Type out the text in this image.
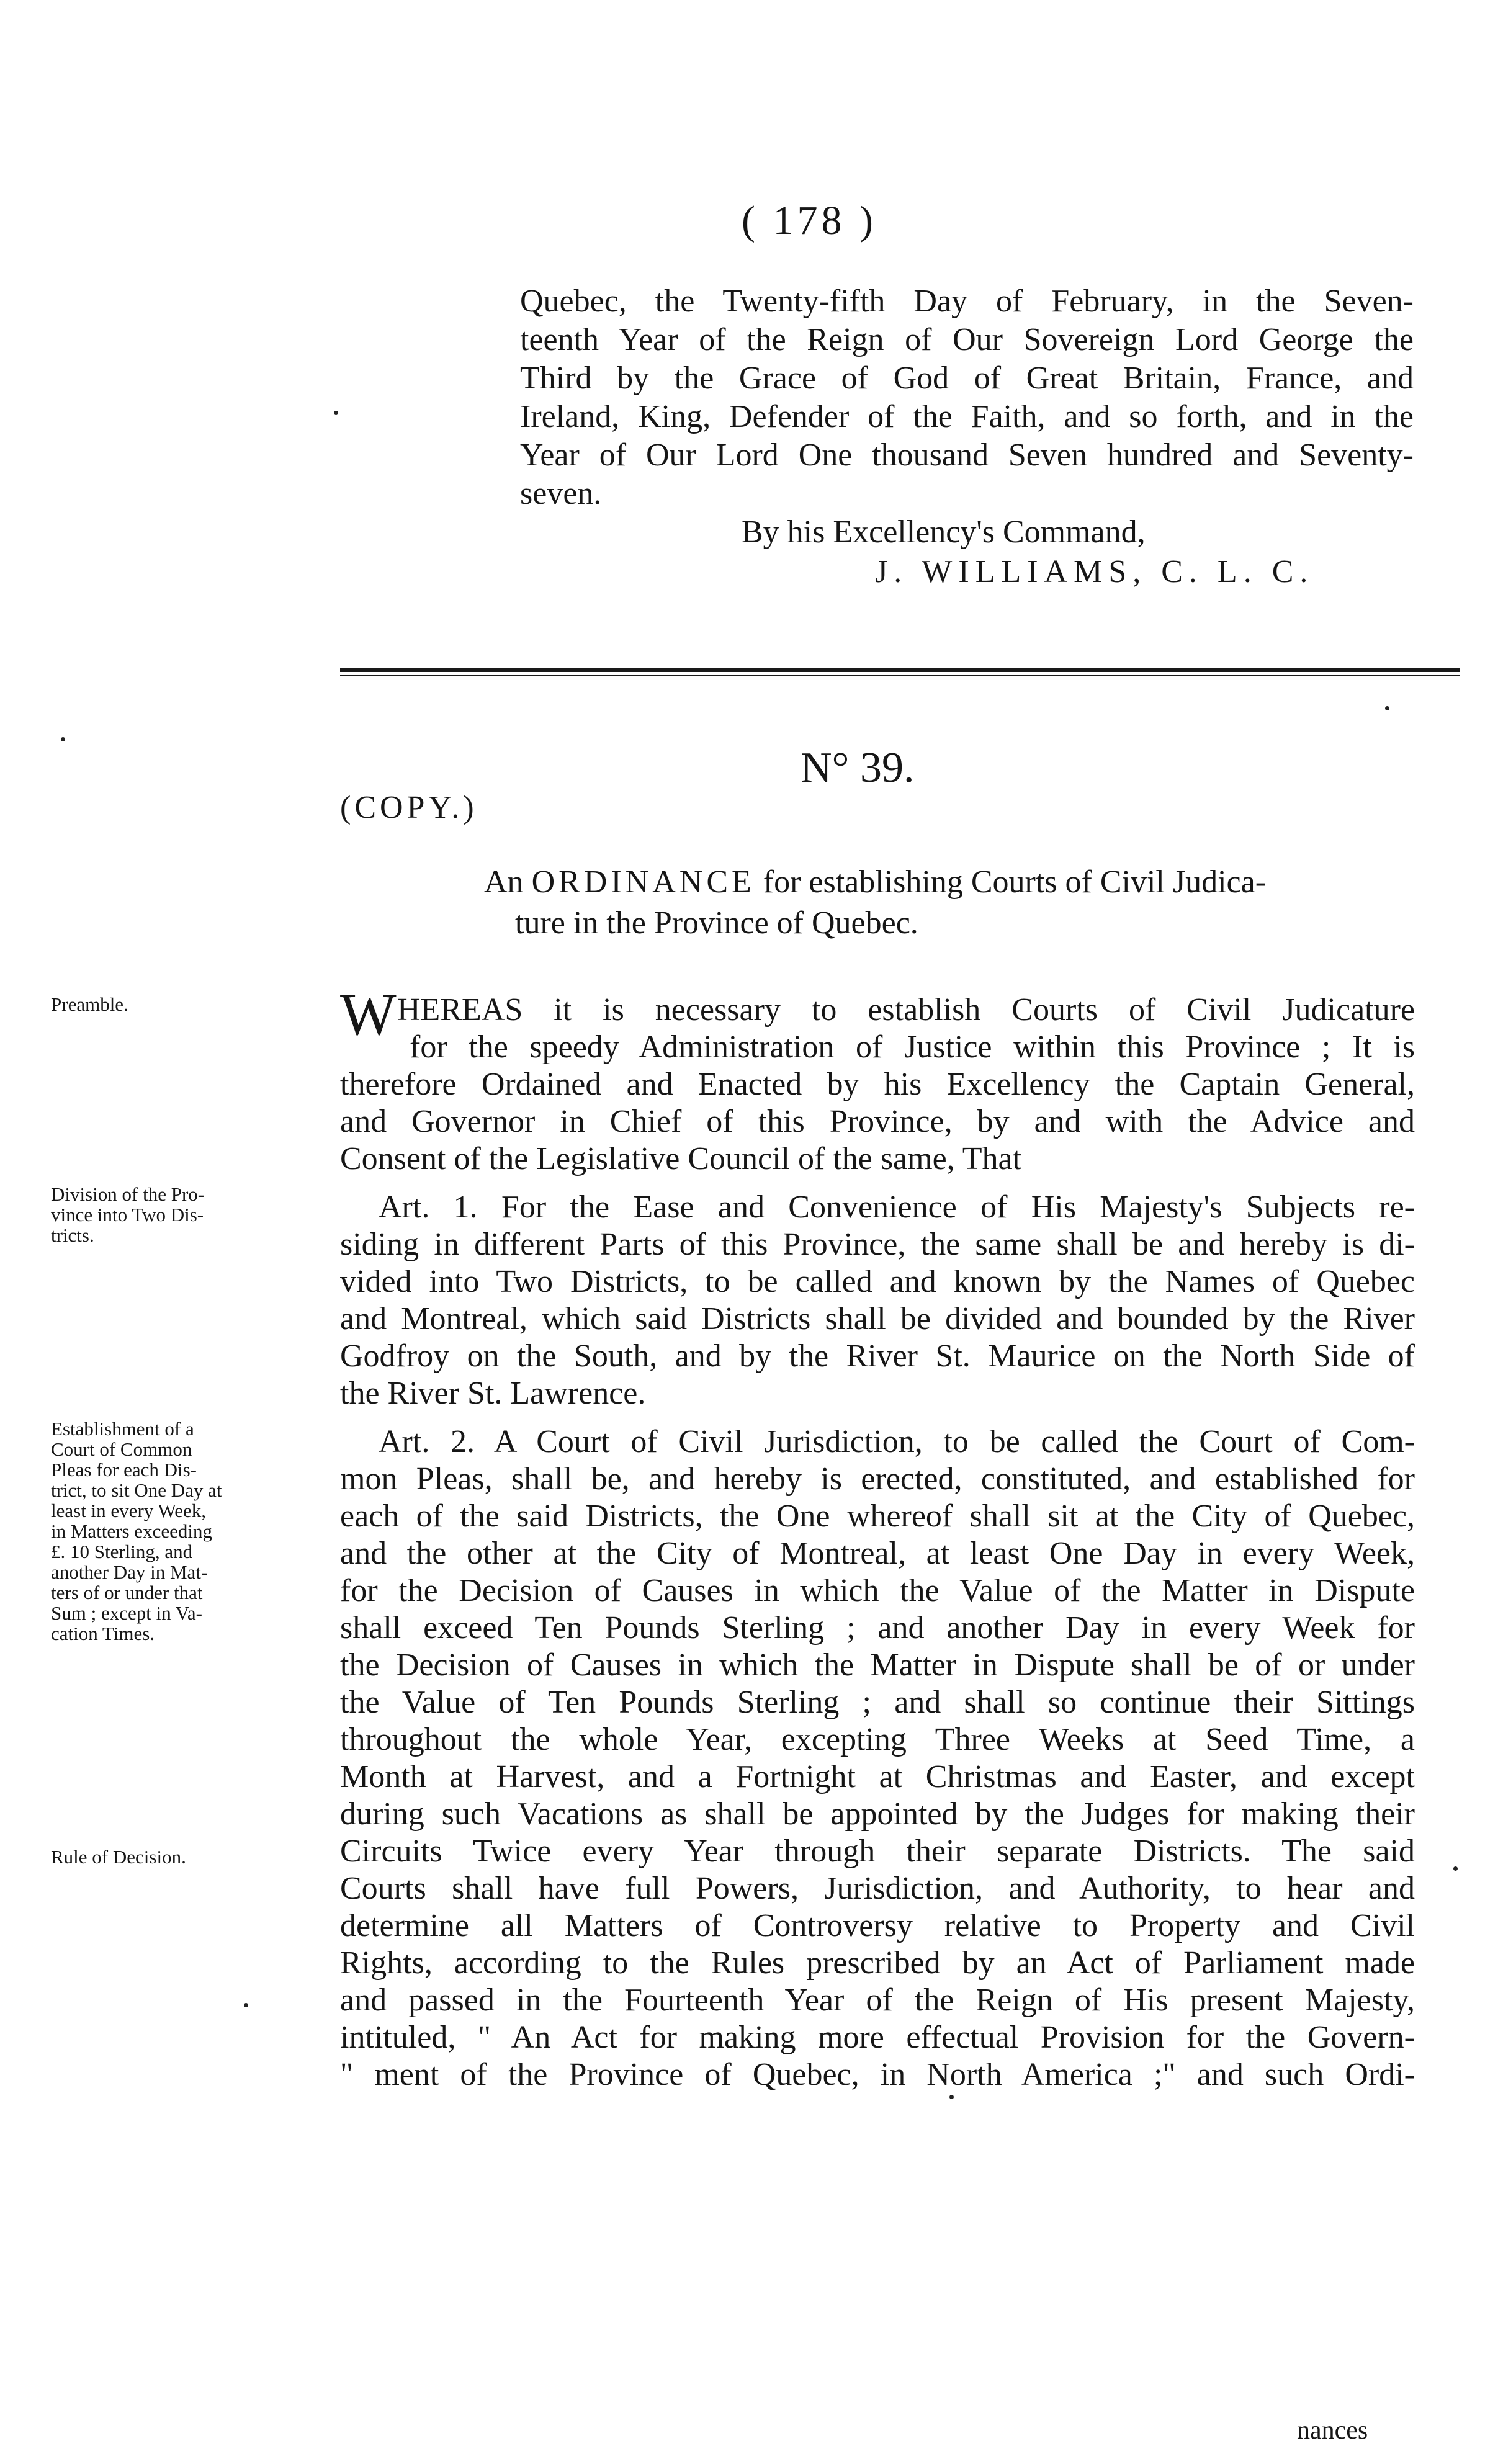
( 178 )
Quebec, the Twenty-fifth Day of February, in the Seven-
teenth Year of the Reign of Our Sovereign Lord George the
Third by the Grace of God of Great Britain, France, and
Ireland, King, Defender of the Faith, and so forth, and in the
Year of Our Lord One thousand Seven hundred and Seventy-
seven.
By his Excellency's Command,
J. WILLIAMS, C. L. C.
N° 39.
(COPY.)
An ORDINANCE for establishing Courts of Civil Judica-
ture in the Province of Quebec.
Preamble.
Division of the Pro-
vince into Two Dis-
tricts.
Establishment of a
Court of Common
Pleas for each Dis-
trict, to sit One Day at
least in every Week,
in Matters exceeding
£. 10 Sterling, and
another Day in Mat-
ters of or under that
Sum ; except in Va-
cation Times.
Rule of Decision.
W HEREAS it is necessary to establish Courts of Civil Judicature
for the speedy Administration of Justice within this Province ; It is
therefore Ordained and Enacted by his Excellency the Captain General,
and Governor in Chief of this Province, by and with the Advice and
Consent of the Legislative Council of the same, That
Art. 1. For the Ease and Convenience of His Majesty's Subjects re-
siding in different Parts of this Province, the same shall be and hereby is di-
vided into Two Districts, to be called and known by the Names of Quebec
and Montreal, which said Districts shall be divided and bounded by the River
Godfroy on the South, and by the River St. Maurice on the North Side of
the River St. Lawrence.
Art. 2. A Court of Civil Jurisdiction, to be called the Court of Com-
mon Pleas, shall be, and hereby is erected, constituted, and established for
each of the said Districts, the One whereof shall sit at the City of Quebec,
and the other at the City of Montreal, at least One Day in every Week,
for the Decision of Causes in which the Value of the Matter in Dispute
shall exceed Ten Pounds Sterling ; and another Day in every Week for
the Decision of Causes in which the Matter in Dispute shall be of or under
the Value of Ten Pounds Sterling ; and shall so continue their Sittings
throughout the whole Year, excepting Three Weeks at Seed Time, a
Month at Harvest, and a Fortnight at Christmas and Easter, and except
during such Vacations as shall be appointed by the Judges for making their
Circuits Twice every Year through their separate Districts. The said
Courts shall have full Powers, Jurisdiction, and Authority, to hear and
determine all Matters of Controversy relative to Property and Civil
Rights, according to the Rules prescribed by an Act of Parliament made
and passed in the Fourteenth Year of the Reign of His present Majesty,
intituled, " An Act for making more effectual Provision for the Govern-
" ment of the Province of Quebec, in North America ;" and such Ordi-
nances
